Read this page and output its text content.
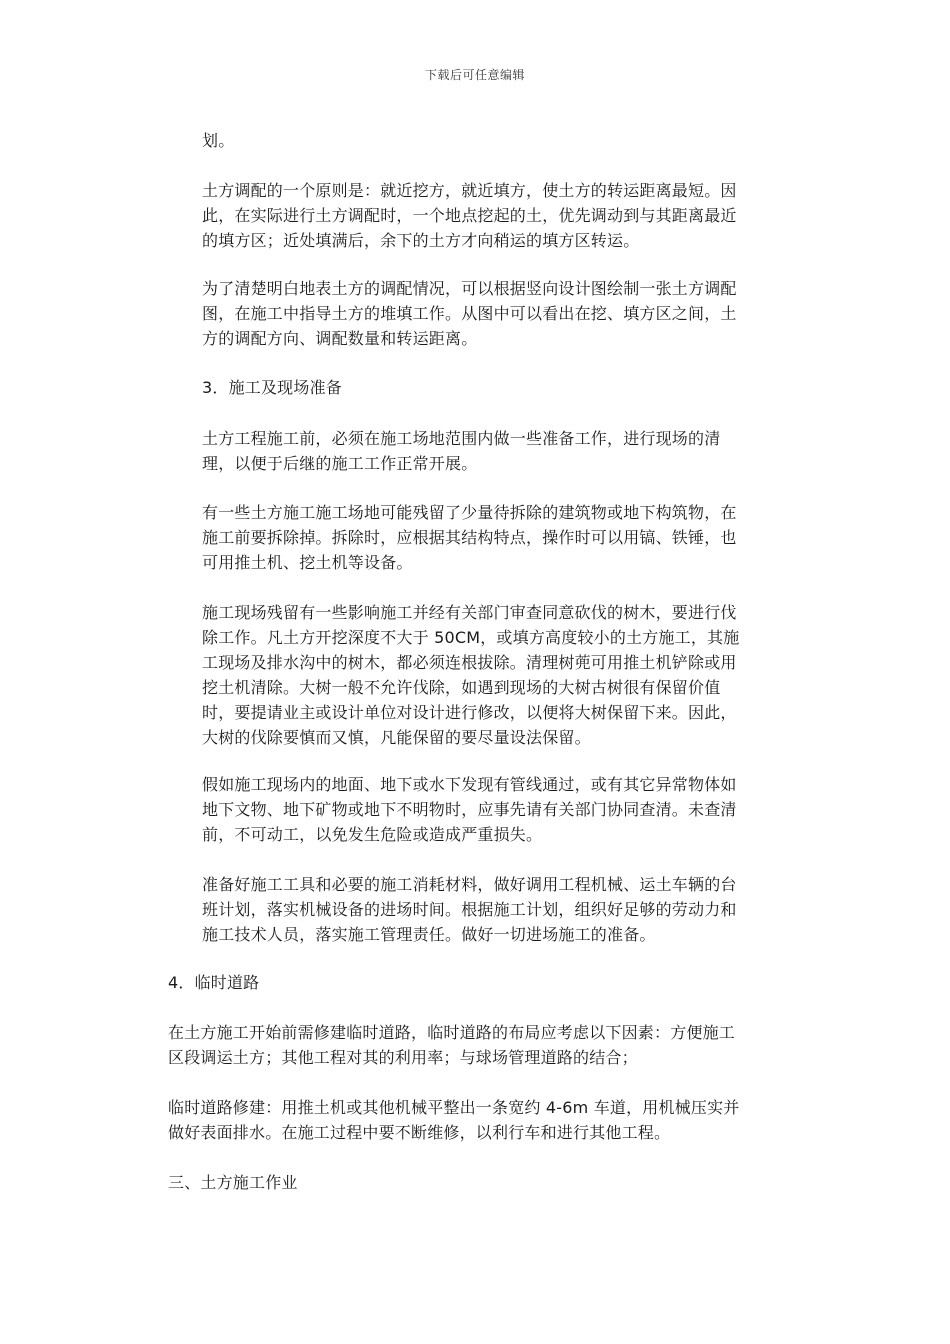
下载后可任意编辑

划。

土方调配的一个原则是：就近挖方，就近填方，使土方的转运距离最短。因此，在实际进行土方调配时，一个地点挖起的土，优先调动到与其距离最近的填方区；近处填满后，余下的土方才向稍运的填方区转运。

为了清楚明白地表土方的调配情况，可以根据竖向设计图绘制一张土方调配图，在施工中指导土方的堆填工作。从图中可以看出在挖、填方区之间，土方的调配方向、调配数量和转运距离。

3．施工及现场准备

土方工程施工前，必须在施工场地范围内做一些准备工作，进行现场的清理，以便于后继的施工工作正常开展。

有一些土方施工施工场地可能残留了少量待拆除的建筑物或地下构筑物，在施工前要拆除掉。拆除时，应根据其结构特点，操作时可以用镐、铁锤，也可用推土机、挖土机等设备。

施工现场残留有一些影响施工并经有关部门审查同意砍伐的树木，要进行伐除工作。凡土方开挖深度不大于 50CM，或填方高度较小的土方施工，其施工现场及排水沟中的树木，都必须连根拔除。清理树蔸可用推土机铲除或用挖土机清除。大树一般不允许伐除，如遇到现场的大树古树很有保留价值时，要提请业主或设计单位对设计进行修改，以便将大树保留下来。因此，大树的伐除要慎而又慎，凡能保留的要尽量设法保留。

假如施工现场内的地面、地下或水下发现有管线通过，或有其它异常物体如地下文物、地下矿物或地下不明物时，应事先请有关部门协同查清。未查清前，不可动工，以免发生危险或造成严重损失。

准备好施工工具和必要的施工消耗材料，做好调用工程机械、运土车辆的台班计划，落实机械设备的进场时间。根据施工计划，组织好足够的劳动力和施工技术人员，落实施工管理责任。做好一切进场施工的准备。

4．临时道路

在土方施工开始前需修建临时道路，临时道路的布局应考虑以下因素：方便施工区段调运土方；其他工程对其的利用率；与球场管理道路的结合；

临时道路修建：用推土机或其他机械平整出一条宽约 4-6m 车道，用机械压实并做好表面排水。在施工过程中要不断维修，以利行车和进行其他工程。

三、土方施工作业
